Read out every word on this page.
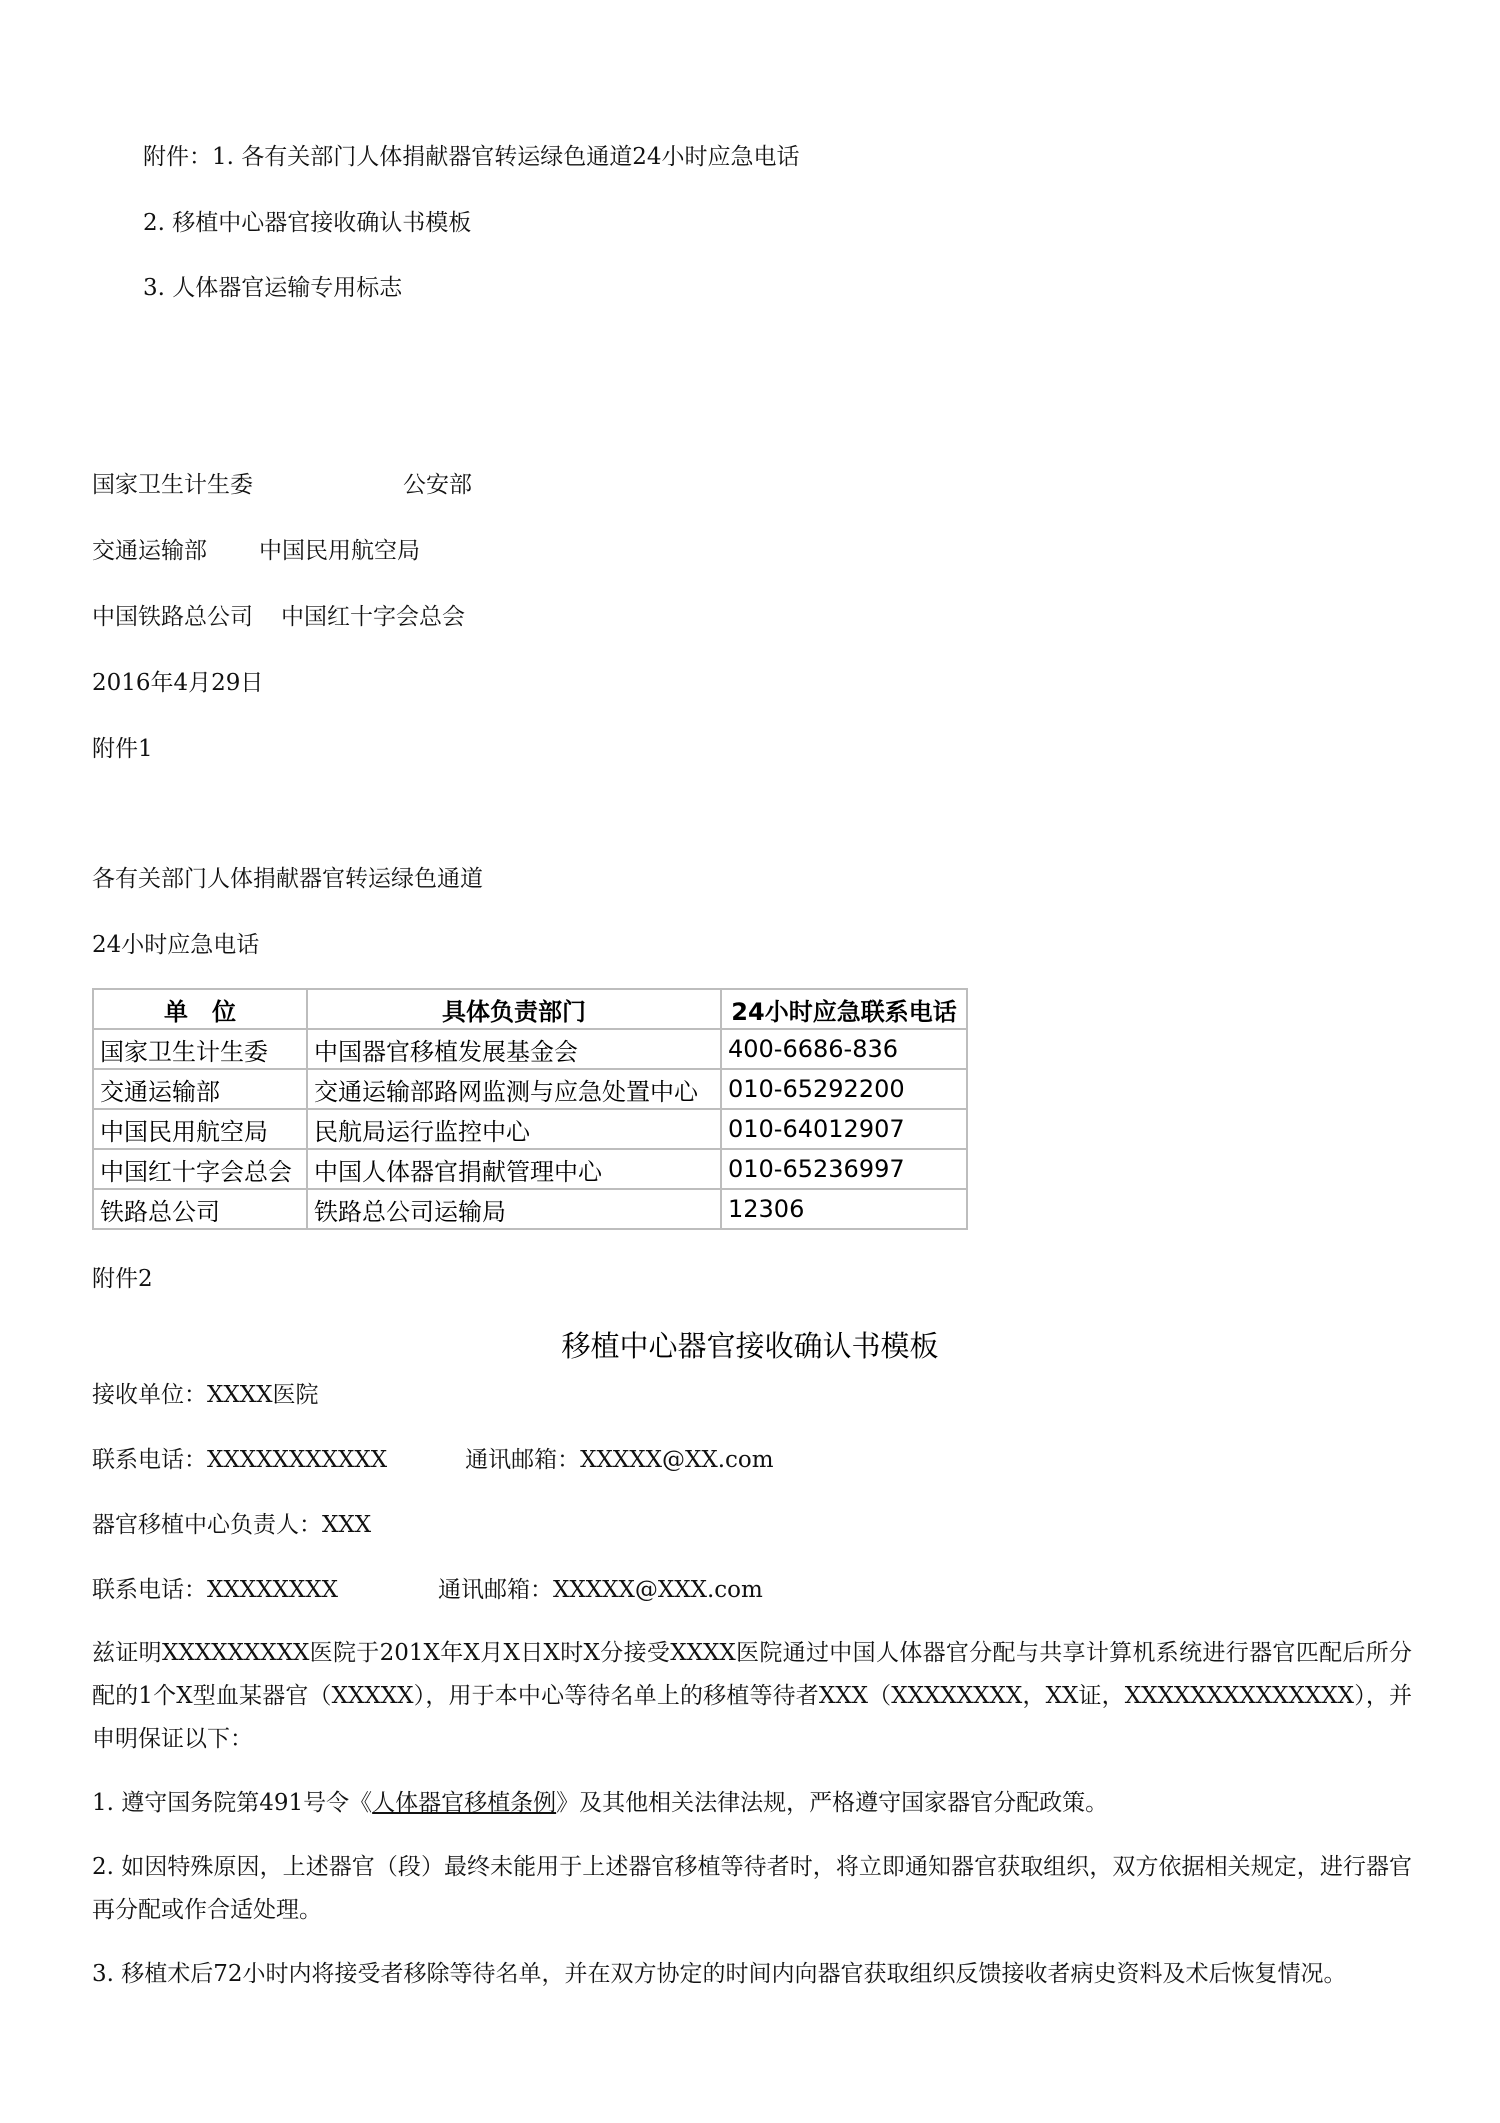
附件：1. 各有关部门人体捐献器官转运绿色通道24小时应急电话
2. 移植中心器官接收确认书模板
3. 人体器官运输专用标志
国家卫生计生委	公安部
交通运输部 中国民用航空局
中国铁路总公司 中国红十字会总会
2016年4月29日
附件1
各有关部门人体捐献器官转运绿色通道
24小时应急电话
单　位	具体负责部门	24小时应急联系电话
国家卫生计生委	中国器官移植发展基金会	400-6686-836
交通运输部	交通运输部路网监测与应急处置中心	010-65292200
中国民用航空局	民航局运行监控中心	010-64012907
中国红十字会总会	中国人体器官捐献管理中心	010-65236997
铁路总公司	铁路总公司运输局	12306
附件2
移植中心器官接收确认书模板
接收单位：XXXX医院
联系电话：XXXXXXXXXXX	通讯邮箱：XXXXX@XX.com
器官移植中心负责人：XXX
联系电话：XXXXXXXX	通讯邮箱：XXXXX@XXX.com
兹证明XXXXXXXXX医院于201X年X月X日X时X分接受XXXX医院通过中国人体器官分配与共享计算机系统进行器官匹配后所分配的1个X型血某器官（XXXXX），用于本中心等待名单上的移植等待者XXX（XXXXXXXX，XX证，XXXXXXXXXXXXXX），并申明保证以下：
1. 遵守国务院第491号令《人体器官移植条例》及其他相关法律法规，严格遵守国家器官分配政策。
2. 如因特殊原因，上述器官（段）最终未能用于上述器官移植等待者时，将立即通知器官获取组织，双方依据相关规定，进行器官再分配或作合适处理。
3. 移植术后72小时内将接受者移除等待名单，并在双方协定的时间内向器官获取组织反馈接收者病史资料及术后恢复情况。
